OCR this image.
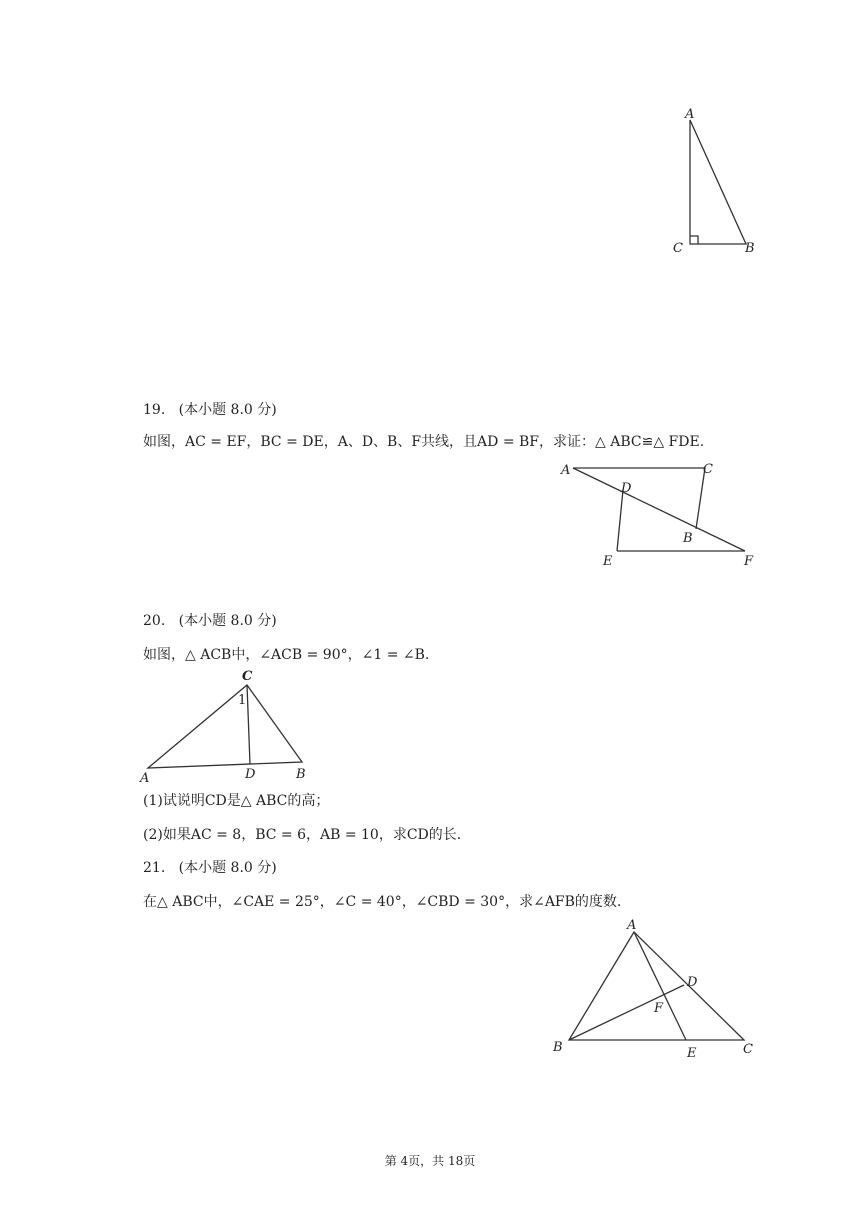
A
C	B
19. (本小题 8.0 分)
如图，AC = EF，BC = DE，A、D、B、F共线，且AD = BF，求证：△ ABC≌△ FDE.
A	C
D
B
E	F
20. (本小题 8.0 分)
如图，△ ACB中，∠ACB = 90°，∠1 = ∠B.
C
1
A	D	B
(1)试说明CD是△ ABC的高；
(2)如果AC = 8，BC = 6，AB = 10，求CD的长.
21. (本小题 8.0 分)
在△ ABC中，∠CAE = 25°，∠C = 40°，∠CBD = 30°，求∠AFB的度数.
A
D
F
B	E	C
第 4页，共 18页
